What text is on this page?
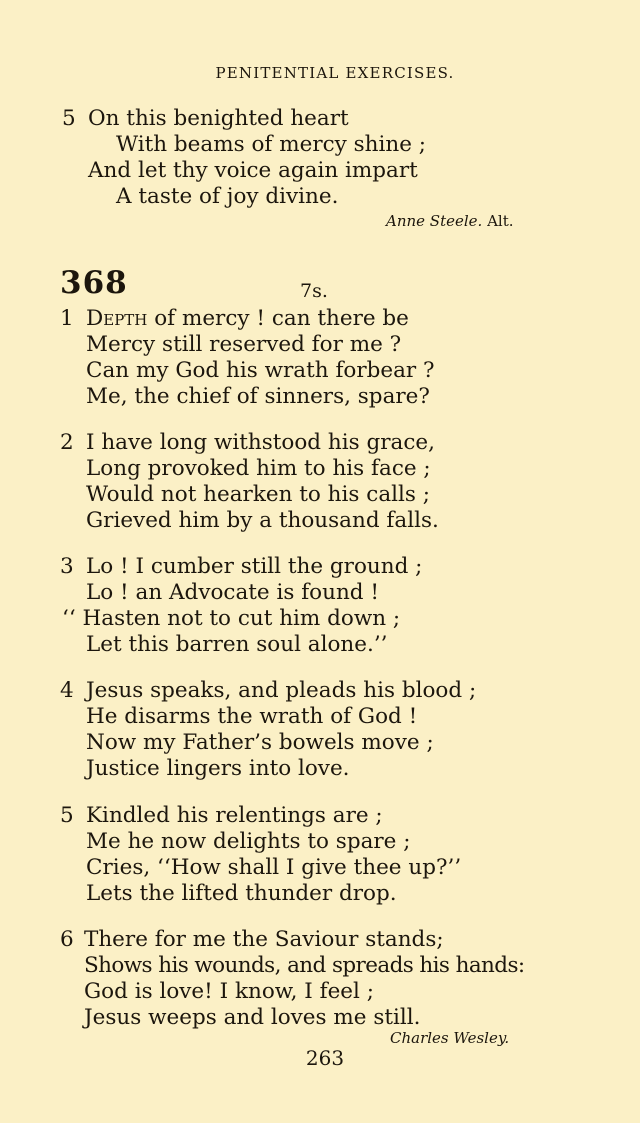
PENITENTIAL EXERCISES.
5 On this benighted heart
With beams of mercy shine ;
And let thy voice again impart
A taste of joy divine.
Anne Steele. Alt.
368	7s.
1 Depth of mercy ! can there be
Mercy still reserved for me ?
Can my God his wrath forbear ?
Me, the chief of sinners, spare?
2 I have long withstood his grace,
Long provoked him to his face ;
Would not hearken to his calls ;
Grieved him by a thousand falls.
3 Lo ! I cumber still the ground ;
Lo ! an Advocate is found !
‘‘ Hasten not to cut him down ;
Let this barren soul alone.’’
4 Jesus speaks, and pleads his blood ;
He disarms the wrath of God !
Now my Father’s bowels move ;
Justice lingers into love.
5 Kindled his relentings are ;
Me he now delights to spare ;
Cries, ‘‘How shall I give thee up?’’
Lets the lifted thunder drop.
6 There for me the Saviour stands;
Shows his wounds, and spreads his hands:
God is love! I know, I feel ;
Jesus weeps and loves me still.
Charles Wesley.
263
